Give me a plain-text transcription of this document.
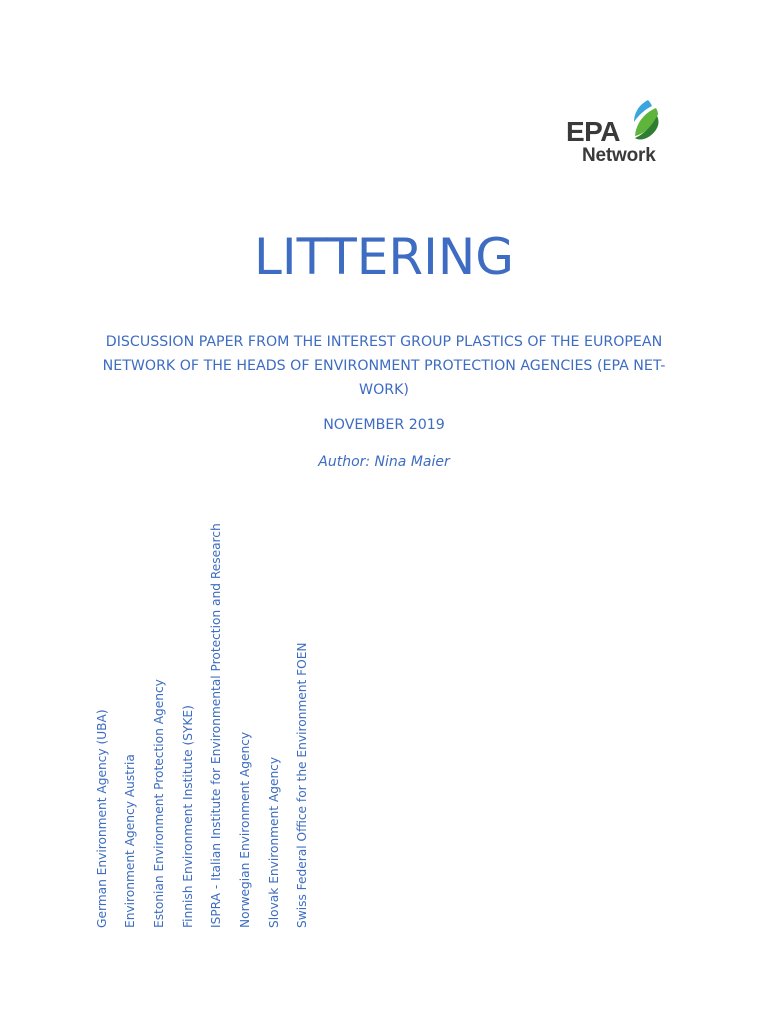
EPA
Network
LITTERING
DISCUSSION PAPER FROM THE INTEREST GROUP PLASTICS OF THE EUROPEAN NETWORK OF THE HEADS OF ENVIRONMENT PROTECTION AGENCIES (EPA NET-WORK)
NOVEMBER 2019
Author: Nina Maier
German Environment Agency (UBA) Environment Agency Austria Estonian Environment Protection Agency Finnish Environment Institute (SYKE) ISPRA - Italian Institute for Environmental Protection and Research Norwegian Environment Agency Slovak Environment Agency Swiss Federal Office for the Environment FOEN
